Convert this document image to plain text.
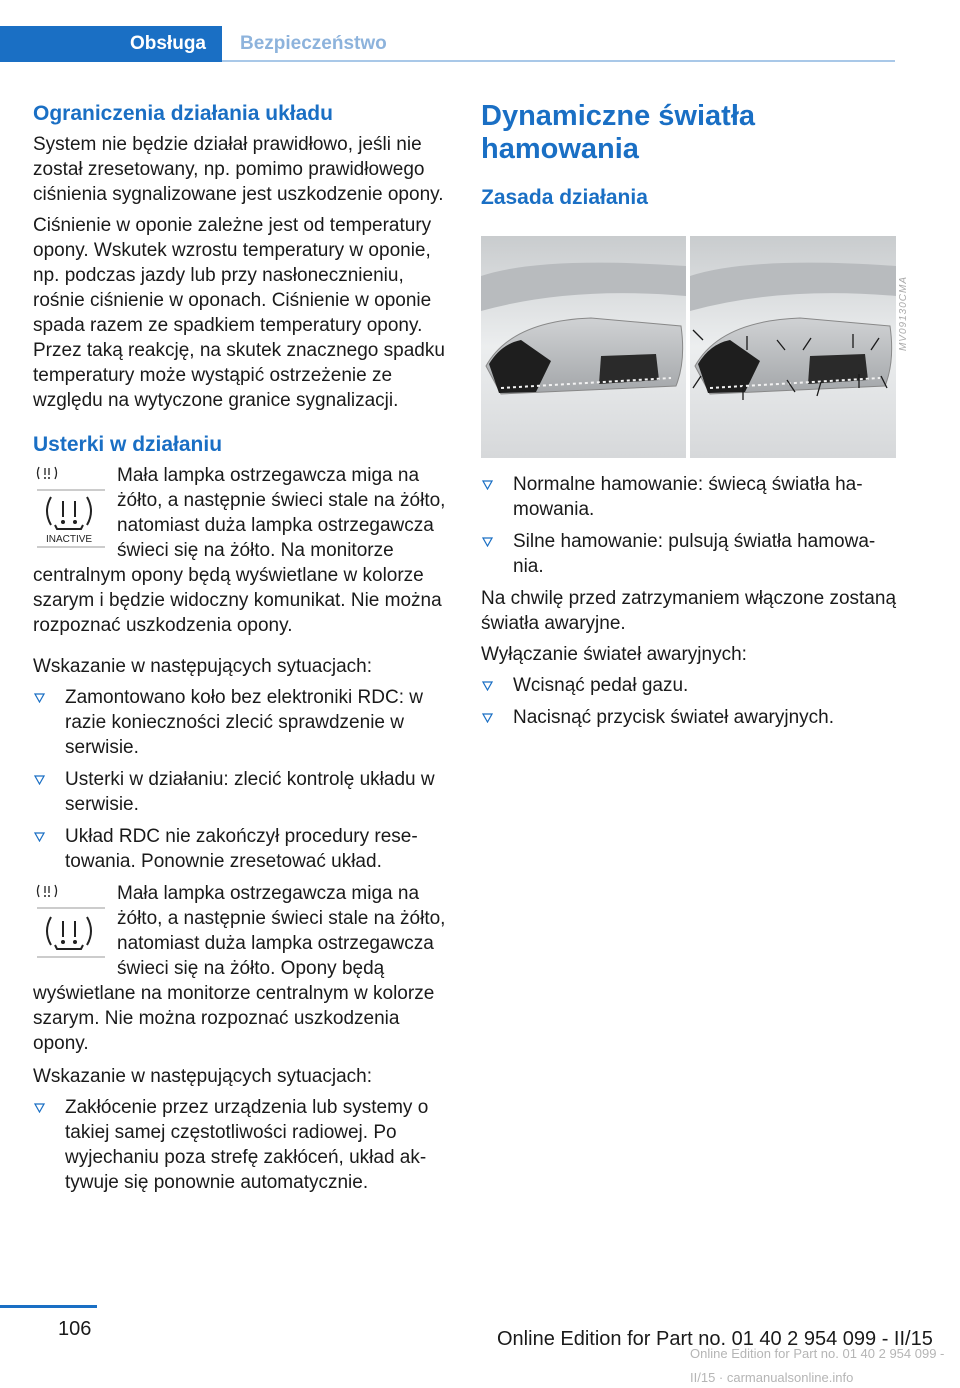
Obsługa	Bezpieczeństwo
Ograniczenia działania układu

System nie będzie działał prawidłowo, jeśli nie został zresetowany, np. pomimo prawidłowego ciśnienia sygnalizowane jest uszkodzenie opony.

Ciśnienie w oponie zależne jest od temperatury opony. Wskutek wzrostu temperatury w oponie, np. podczas jazdy lub przy nasłonecznieniu, rośnie ciśnienie w oponach. Ciśnienie w oponie spada razem ze spadkiem temperatury opony. Przez taką reakcję, na skutek znacznego spadku temperatury może wystąpić ostrzeżenie ze względu na wytyczone granice sygnalizacji.

Usterki w działaniu
INACTIVE

Mała lampka ostrzegawcza miga na żółto, a następnie świeci stale na żółto, natomiast duża lampka ostrzegawcza świeci się na żółto. Na monitorze centralnym opony będą wyświetlane w kolorze szarym i będzie widoczny komunikat. Nie można rozpoznać uszkodzenia opony.

Wskazanie w następujących sytuacjach:

Zamontowano koło bez elektroniki RDC: w razie konieczności zlecić sprawdzenie w serwisie.
Usterki w działaniu: zlecić kontrolę układu w serwisie.
Układ RDC nie zakończył procedury resetowania. Ponownie zresetować układ.

Mała lampka ostrzegawcza miga na żółto, a następnie świeci stale na żółto, natomiast duża lampka ostrzegawcza świeci się na żółto. Opony będą wyświetlane na monitorze centralnym w kolorze szarym. Nie można rozpoznać uszkodzenia opony.

Wskazanie w następujących sytuacjach:

Zakłócenie przez urządzenia lub systemy o takiej samej częstotliwości radiowej. Po wyjechaniu poza strefę zakłóceń, układ aktywuje się ponownie automatycznie.
Dynamiczne światła hamowania
Zasada działania
MV09130CMA
Normalne hamowanie: świecą światła hamowania.
Silne hamowanie: pulsują światła hamowania.

Na chwilę przed zatrzymaniem włączone zostaną światła awaryjne.

Wyłączanie świateł awaryjnych:

Wcisnąć pedał gazu.
Nacisnąć przycisk świateł awaryjnych.
106	Online Edition for Part no. 01 40 2 954 099 - II/15
Online Edition for Part no. 01 40 2 954 099 - II/15 · carmanualsonline.info
